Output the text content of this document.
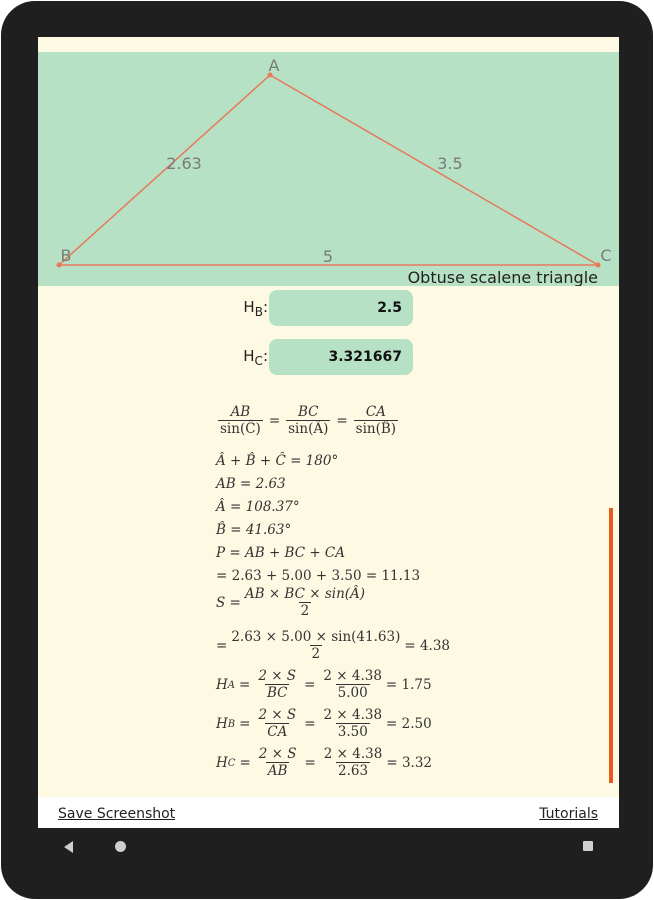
A
B	C
2.63	3.5
5
Obtuse scalene triangle
$H_B$:	2.5
$H_C$:	3.321667
$\frac{AB}{\sin(Ĉ)} = \frac{BC}{\sin(Â)} = \frac{CA}{\sin(B̂)}$
Â + B̂ + Ĉ = 180°
AB = 2.63
Â = 108.37°
B̂ = 41.63°
P = AB + BC + CA
= 2.63 + 5.00 + 3.50 = 11.13
$S = \frac{AB \times BC \times \sin(Â)}{2}$
= $\frac{2.63 \times 5.00 \times \sin(41.63)}{2} = 4.38$
H $A = \frac{2 \times S}{BC} = \frac{2 \times 4.38}{5.00} = 1.75$
H $B = \frac{2 \times S}{CA} = \frac{2 \times 4.38}{3.50} = 2.50$
H $C = \frac{2 \times S}{AB} = \frac{2 \times 4.38}{2.63} = 3.32$
Save Screenshot	Tutorials
